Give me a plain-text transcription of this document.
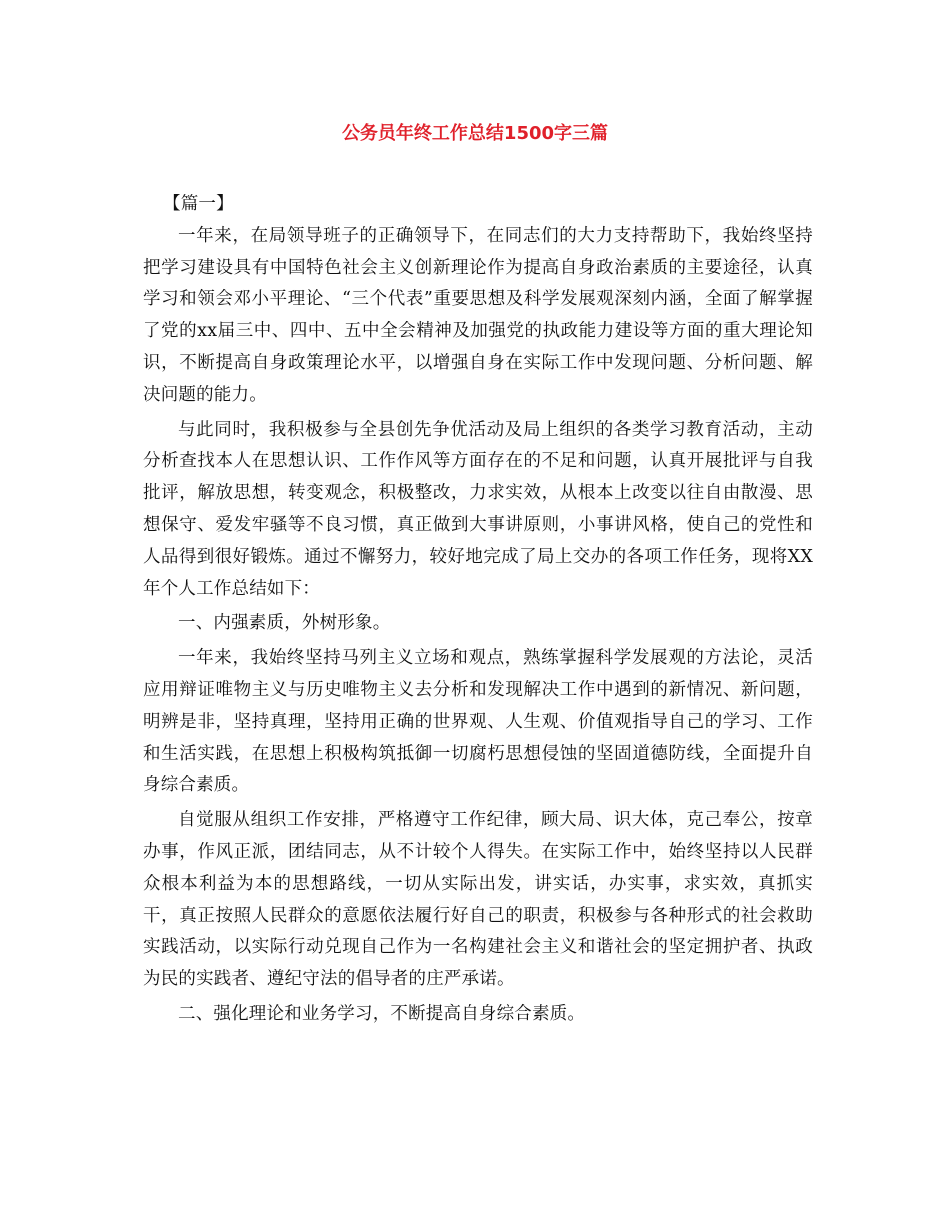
公务员年终工作总结1500字三篇

【篇一】

一年来，在局领导班子的正确领导下，在同志们的大力支持帮助下，我始终坚持把学习建设具有中国特色社会主义创新理论作为提高自身政治素质的主要途径，认真学习和领会邓小平理论、“三个代表”重要思想及科学发展观深刻内涵，全面了解掌握了党的xx届三中、四中、五中全会精神及加强党的执政能力建设等方面的重大理论知识，不断提高自身政策理论水平，以增强自身在实际工作中发现问题、分析问题、解决问题的能力。

与此同时，我积极参与全县创先争优活动及局上组织的各类学习教育活动，主动分析查找本人在思想认识、工作作风等方面存在的不足和问题，认真开展批评与自我批评，解放思想，转变观念，积极整改，力求实效，从根本上改变以往自由散漫、思想保守、爱发牢骚等不良习惯，真正做到大事讲原则，小事讲风格，使自己的党性和人品得到很好锻炼。通过不懈努力，较好地完成了局上交办的各项工作任务，现将XX年个人工作总结如下：

一、内强素质，外树形象。

一年来，我始终坚持马列主义立场和观点，熟练掌握科学发展观的方法论，灵活应用辩证唯物主义与历史唯物主义去分析和发现解决工作中遇到的新情况、新问题，明辨是非，坚持真理，坚持用正确的世界观、人生观、价值观指导自己的学习、工作和生活实践，在思想上积极构筑抵御一切腐朽思想侵蚀的坚固道德防线，全面提升自身综合素质。

自觉服从组织工作安排，严格遵守工作纪律，顾大局、识大体，克己奉公，按章办事，作风正派，团结同志，从不计较个人得失。在实际工作中，始终坚持以人民群众根本利益为本的思想路线，一切从实际出发，讲实话，办实事，求实效，真抓实干，真正按照人民群众的意愿依法履行好自己的职责，积极参与各种形式的社会救助实践活动，以实际行动兑现自己作为一名构建社会主义和谐社会的坚定拥护者、执政为民的实践者、遵纪守法的倡导者的庄严承诺。

二、强化理论和业务学习，不断提高自身综合素质。
